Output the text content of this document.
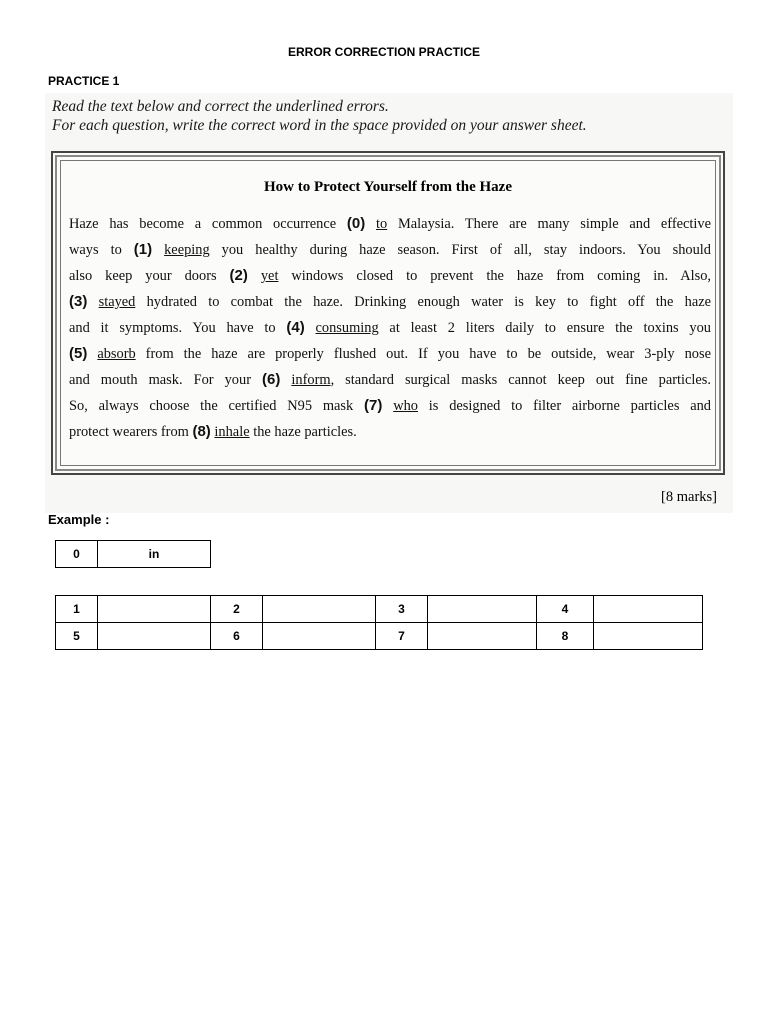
ERROR CORRECTION PRACTICE
PRACTICE 1
Read the text below and correct the underlined errors.
For each question, write the correct word in the space provided on your answer sheet.
How to Protect Yourself from the Haze
Haze has become a common occurrence (0) to Malaysia. There are many simple and effective
ways to (1) keeping you healthy during haze season. First of all, stay indoors. You should
also keep your doors (2) yet windows closed to prevent the haze from coming in. Also,
(3) stayed hydrated to combat the haze. Drinking enough water is key to fight off the haze
and it symptoms. You have to (4) consuming at least 2 liters daily to ensure the toxins you
(5) absorb from the haze are properly flushed out. If you have to be outside, wear 3-ply nose
and mouth mask. For your (6) inform, standard surgical masks cannot keep out fine particles.
So, always choose the certified N95 mask (7) who is designed to filter airborne particles and
protect wearers from (8) inhale the haze particles.
[8 marks]
Example :
0	in
1		2		3		4	
5		6		7		8	
